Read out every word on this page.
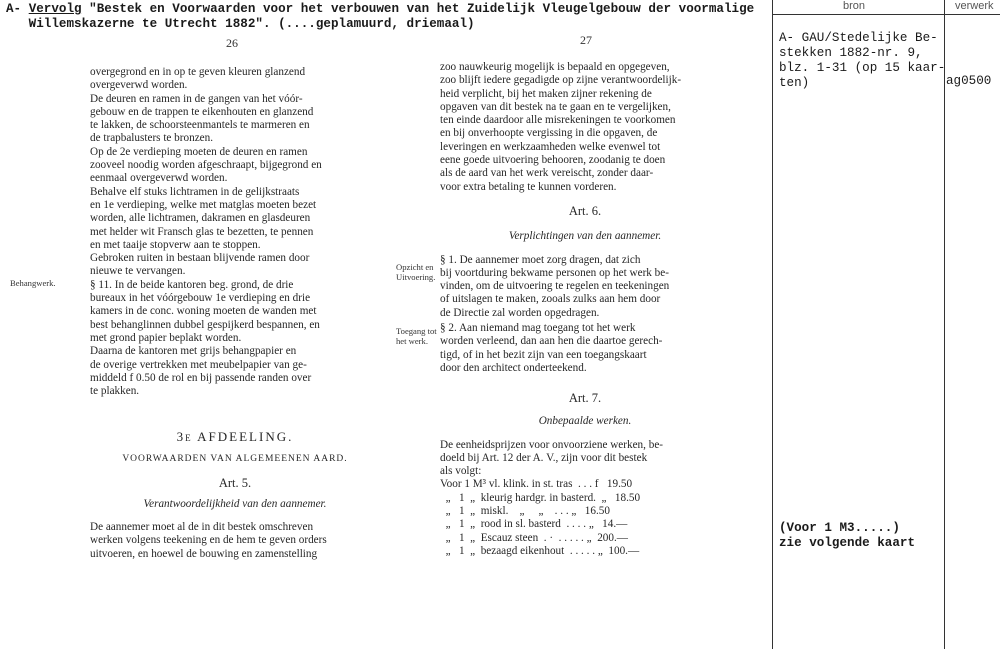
A- Vervolg "Bestek en Voorwaarden voor het verbouwen van het Zuidelijk Vleugelgebouw der voormalige
Willemskazerne te Utrecht 1882". (....geplamuurd, driemaal)
26	27

overgegrond en in op te geven kleuren glanzend

overgeverwd worden.

De deuren en ramen in de gangen van het vóór-

gebouw en de trappen te eikenhouten en glanzend

te lakken, de schoorsteenmantels te marmeren en

de trapbalusters te bronzen.

Op de 2e verdieping moeten de deuren en ramen

zooveel noodig worden afgeschraapt, bijgegrond en

eenmaal overgeverwd worden.

Behalve elf stuks lichtramen in de gelijkstraats

en 1e verdieping, welke met matglas moeten bezet

worden, alle lichtramen, dakramen en glasdeuren

met helder wit Fransch glas te bezetten, te pennen

en met taaije stopverw aan te stoppen.

Gebroken ruiten in bestaan blijvende ramen door

nieuwe te vervangen.

§ 11. In de beide kantoren beg. grond, de drie

bureaux in het vóórgebouw 1e verdieping en drie

kamers in de conc. woning moeten de wanden met

best behanglinnen dubbel gespijkerd bespannen, en

met grond papier beplakt worden.

Daarna de kantoren met grijs behangpapier en

de overige vertrekken met meubelpapier van ge-

middeld f 0.50 de rol en bij passende randen over

te plakken.

Behangwerk.

3e AFDEELING.

VOORWAARDEN VAN ALGEMEENEN AARD.

Art. 5.

Verantwoordelijkheid van den aannemer.

De aannemer moet al de in dit bestek omschreven

werken volgens teekening en de hem te geven orders

uitvoeren, en hoewel de bouwing en zamenstelling

zoo nauwkeurig mogelijk is bepaald en opgegeven,

zoo blijft iedere gegadigde op zijne verantwoordelijk-

heid verplicht, bij het maken zijner rekening de

opgaven van dit bestek na te gaan en te vergelijken,

ten einde daardoor alle misrekeningen te voorkomen

en bij onverhoopte vergissing in die opgaven, de

leveringen en werkzaamheden welke evenwel tot

eene goede uitvoering behooren, zoodanig te doen

als de aard van het werk vereischt, zonder daar-

voor extra betaling te kunnen vorderen.

Art. 6.

Verplichtingen van den aannemer.

§ 1. De aannemer moet zorg dragen, dat zich

bij voortduring bekwame personen op het werk be-

vinden, om de uitvoering te regelen en teekeningen

of uitslagen te maken, zooals zulks aan hem door

de Directie zal worden opgedragen.

§ 2. Aan niemand mag toegang tot het werk

worden verleend, dan aan hen die daartoe gerech-

tigd, of in het bezit zijn van een toegangskaart

door den architect onderteekend.

Opzicht en
Uitvoering.
Toegang tot
het werk.

Art. 7.

Onbepaalde werken.

De eenheidsprijzen voor onvoorziene werken, be-

doeld bij Art. 12 der A. V., zijn voor dit bestek

als volgt:

Voor 1 M³ vl. klink. in st. tras  . . . f   19.50

„   1  „  kleurig hardgr. in basterd.  „   18.50

„   1  „  miskl.    „     „    . . . „   16.50

„   1  „  rood in sl. basterd  . . . . „   14.—

„   1  „  Escauz steen  . ·  . . . . . „  200.—

„   1  „  bezaagd eikenhout  . . . . . „  100.—

bron	verwerk
A- GAU/Stedelijke Be-
stekken 1882-nr. 9,
blz. 1-31 (op 15 kaar-
ten)	ag0500
(Voor 1 M3.....)
zie volgende kaart
